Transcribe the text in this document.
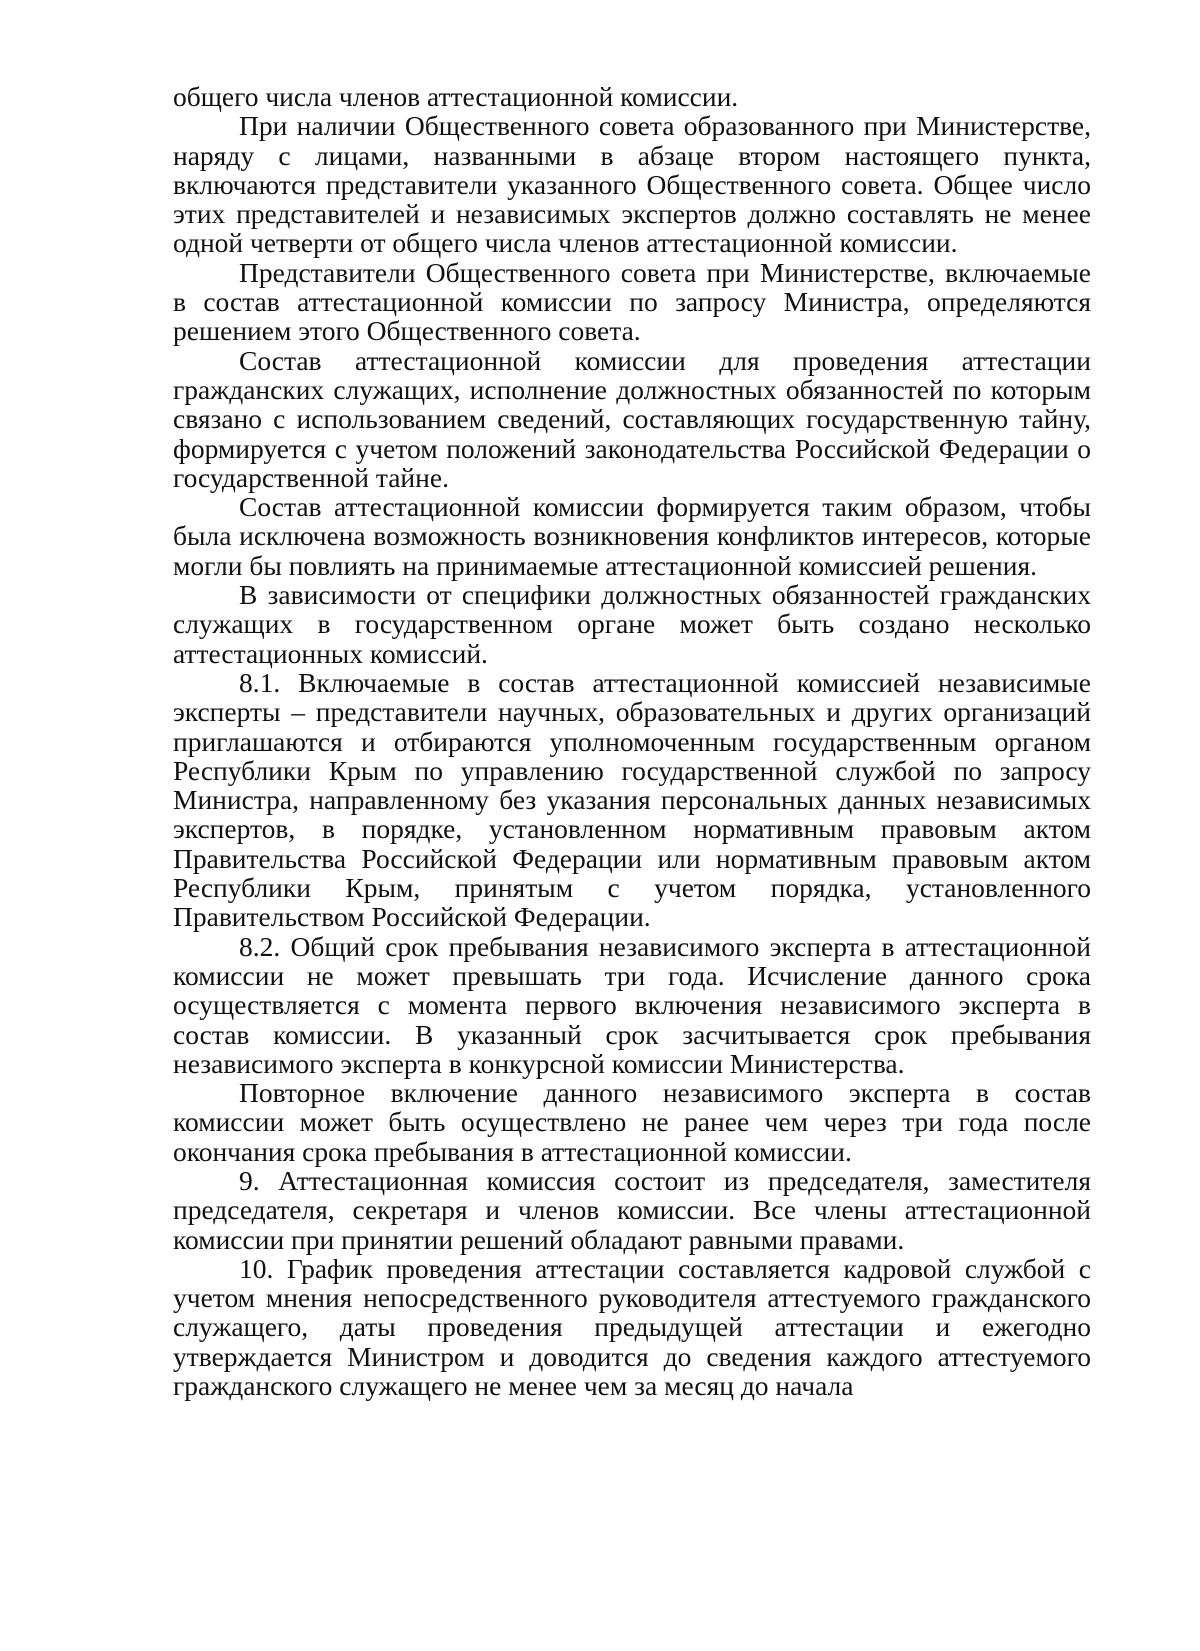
общего числа членов аттестационной комиссии.

При наличии Общественного совета образованного при Министерстве, наряду с лицами, названными в абзаце втором настоящего пункта, включаются представители указанного Общественного совета. Общее число этих представителей и независимых экспертов должно составлять не менее одной четверти от общего числа членов аттестационной комиссии.

Представители Общественного совета при Министерстве, включаемые в состав аттестационной комиссии по запросу Министра, определяются решением этого Общественного совета.

Состав аттестационной комиссии для проведения аттестации гражданских служащих, исполнение должностных обязанностей по которым связано с использованием сведений, составляющих государственную тайну, формируется с учетом положений законодательства Российской Федерации о государственной тайне.

Состав аттестационной комиссии формируется таким образом, чтобы была исключена возможность возникновения конфликтов интересов, которые могли бы повлиять на принимаемые аттестационной комиссией решения.

В зависимости от специфики должностных обязанностей гражданских служащих в государственном органе может быть создано несколько аттестационных комиссий.

8.1. Включаемые в состав аттестационной комиссией независимые эксперты – представители научных, образовательных и других организаций приглашаются и отбираются уполномоченным государственным органом Республики Крым по управлению государственной службой по запросу Министра, направленному без указания персональных данных независимых экспертов, в порядке, установленном нормативным правовым актом Правительства Российской Федерации или нормативным правовым актом Республики Крым, принятым с учетом порядка, установленного Правительством Российской Федерации.

8.2. Общий срок пребывания независимого эксперта в аттестационной комиссии не может превышать три года. Исчисление данного срока осуществляется с момента первого включения независимого эксперта в состав комиссии. В указанный срок засчитывается срок пребывания независимого эксперта в конкурсной комиссии Министерства.

Повторное включение данного независимого эксперта в состав комиссии может быть осуществлено не ранее чем через три года после окончания срока пребывания в аттестационной комиссии.

9. Аттестационная комиссия состоит из председателя, заместителя председателя, секретаря и членов комиссии. Все члены аттестационной комиссии при принятии решений обладают равными правами.

10. График проведения аттестации составляется кадровой службой с учетом мнения непосредственного руководителя аттестуемого гражданского служащего, даты проведения предыдущей аттестации и ежегодно утверждается Министром и доводится до сведения каждого аттестуемого гражданского служащего не менее чем за месяц до начала
